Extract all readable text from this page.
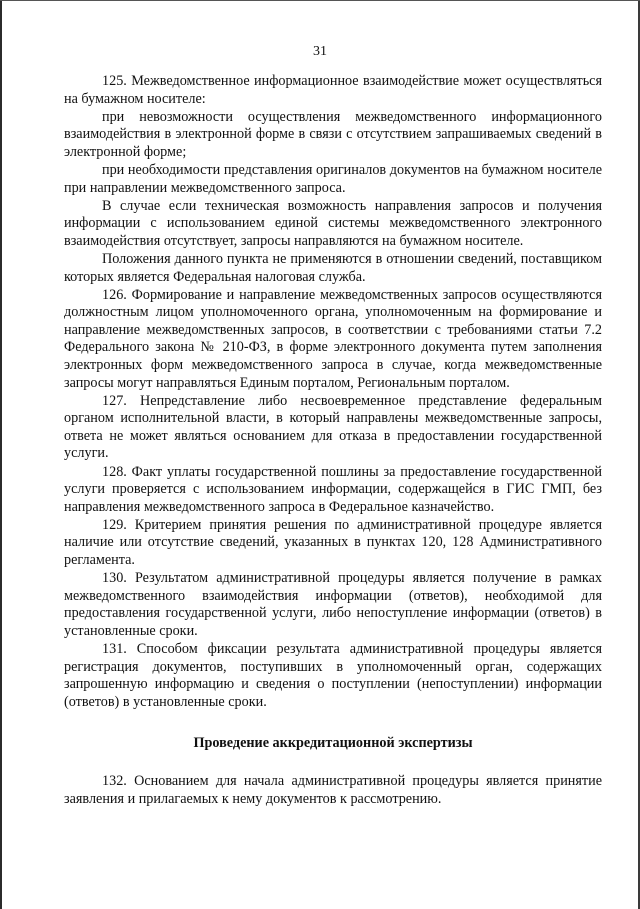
31

125. Межведомственное информационное взаимодействие может осуществляться на бумажном носителе:

при невозможности осуществления межведомственного информационного взаимодействия в электронной форме в связи с отсутствием запрашиваемых сведений в электронной форме;

при необходимости представления оригиналов документов на бумажном носителе при направлении межведомственного запроса.

В случае если техническая возможность направления запросов и получения информации с использованием единой системы межведомственного электронного взаимодействия отсутствует, запросы направляются на бумажном носителе.

Положения данного пункта не применяются в отношении сведений, поставщиком которых является Федеральная налоговая служба.

126. Формирование и направление межведомственных запросов осуществляются должностным лицом уполномоченного органа, уполномоченным на формирование и направление межведомственных запросов, в соответствии с требованиями статьи 7.2 Федерального закона № 210-ФЗ, в форме электронного документа путем заполнения электронных форм межведомственного запроса в случае, когда межведомственные запросы могут направляться Единым порталом, Региональным порталом.

127. Непредставление либо несвоевременное представление федеральным органом исполнительной власти, в который направлены межведомственные запросы, ответа не может являться основанием для отказа в предоставлении государственной услуги.

128. Факт уплаты государственной пошлины за предоставление государственной услуги проверяется с использованием информации, содержащейся в ГИС ГМП, без направления межведомственного запроса в Федеральное казначейство.

129. Критерием принятия решения по административной процедуре является наличие или отсутствие сведений, указанных в пунктах 120, 128 Административного регламента.

130. Результатом административной процедуры является получение в рамках межведомственного взаимодействия информации (ответов), необходимой для предоставления государственной услуги, либо непоступление информации (ответов) в установленные сроки.

131. Способом фиксации результата административной процедуры является регистрация документов, поступивших в уполномоченный орган, содержащих запрошенную информацию и сведения о поступлении (непоступлении) информации (ответов) в установленные сроки.

Проведение аккредитационной экспертизы

132. Основанием для начала административной процедуры является принятие заявления и прилагаемых к нему документов к рассмотрению.
